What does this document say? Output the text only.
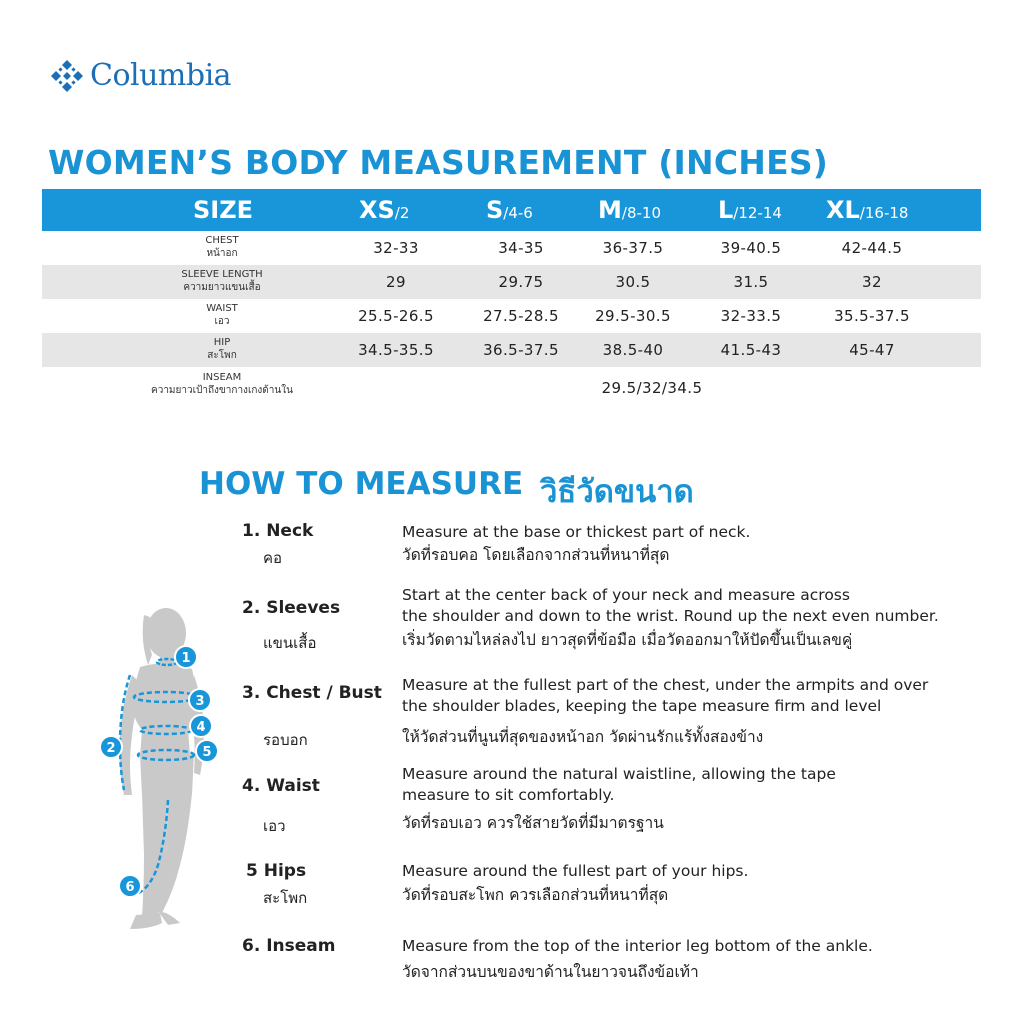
Columbia
WOMEN’S BODY MEASUREMENT (INCHES)
SIZE	XS/2	S/4-6	M/8-10 L/12-14 XL/16-18
CHEST
หน้าอก	32-33	34-35	36-37.5	39-40.5	42-44.5
SLEEVE LENGTH
ความยาวแขนเสื้อ	29	29.75	30.5	31.5	32
WAIST
เอว	25.5-26.5	27.5-28.5	29.5-30.5	32-33.5	35.5-37.5
HIP
สะโพก	34.5-35.5	36.5-37.5	38.5-40	41.5-43	45-47
INSEAM
ความยาวเป้าถึงขากางเกงด้านใน	29.5/32/34.5
HOW TO MEASURE วิธีวัดขนาด
1. Neck
คอ
Measure at the base or thickest part of neck.
วัดที่รอบคอ โดยเลือกจากส่วนที่หนาที่สุด
2. Sleeves
แขนเสื้อ
Start at the center back of your neck and measure across
the shoulder and down to the wrist. Round up the next even number.
เริ่มวัดตามไหล่ลงไป ยาวสุดที่ข้อมือ เมื่อวัดออกมาให้ปัดขึ้นเป็นเลขคู่
3. Chest / Bust
รอบอก
Measure at the fullest part of the chest, under the armpits and over
the shoulder blades, keeping the tape measure firm and level
ให้วัดส่วนที่นูนที่สุดของหน้าอก วัดผ่านรักแร้ทั้งสองข้าง
4. Waist
เอว
Measure around the natural waistline, allowing the tape
measure to sit comfortably.
วัดที่รอบเอว ควรใช้สายวัดที่มีมาตรฐาน
5 Hips
สะโพก
Measure around the fullest part of your hips.
วัดที่รอบสะโพก ควรเลือกส่วนที่หนาที่สุด
6. Inseam	Measure from the top of the interior leg bottom of the ankle.
วัดจากส่วนบนของขาด้านในยาวจนถึงข้อเท้า
1
2
3
4
5
6
